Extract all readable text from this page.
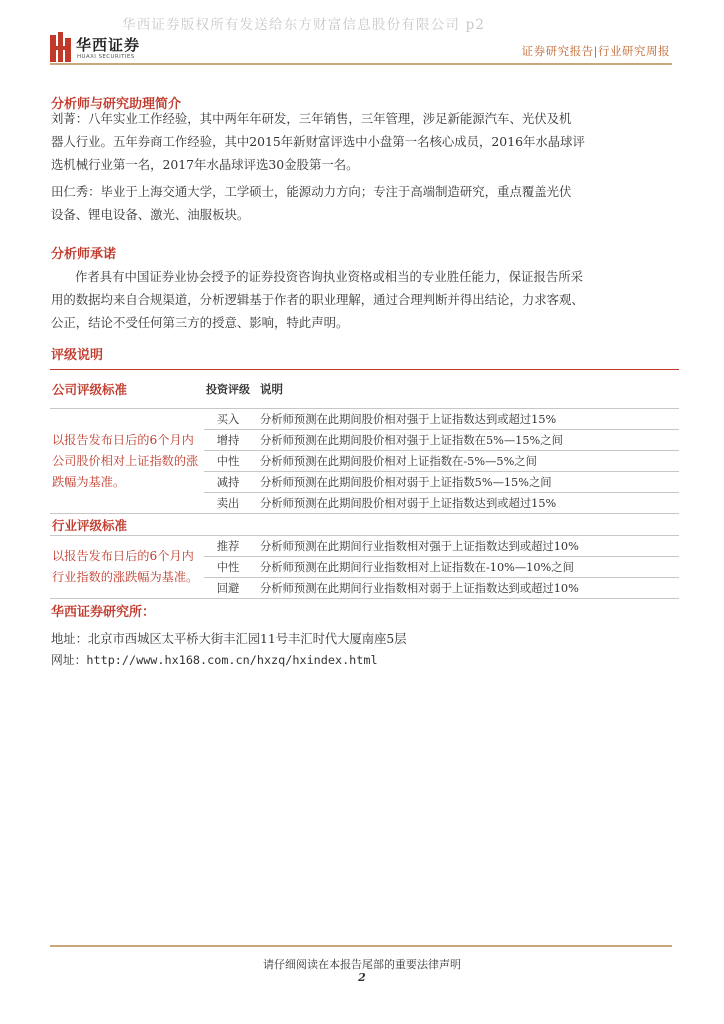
华西证券版权所有发送给东方财富信息股份有限公司 p2
华西证券
HUAXI SECURITIES	证券研究报告|行业研究周报
分析师与研究助理简介
刘菁：八年实业工作经验，其中两年年研发，三年销售，三年管理，涉足新能源汽车、光伏及机
器人行业。五年券商工作经验，其中2015年新财富评选中小盘第一名核心成员，2016年水晶球评
选机械行业第一名，2017年水晶球评选30金股第一名。
田仁秀：毕业于上海交通大学，工学硕士，能源动力方向；专注于高端制造研究，重点覆盖光伏
设备、锂电设备、激光、油服板块。
分析师承诺
作者具有中国证券业协会授予的证券投资咨询执业资格或相当的专业胜任能力，保证报告所采
用的数据均来自合规渠道，分析逻辑基于作者的职业理解，通过合理判断并得出结论，力求客观、
公正，结论不受任何第三方的授意、影响，特此声明。
评级说明
公司评级标准	投资评级	说明
以报告发布日后的6个月内公司股价相对上证指数的涨跌幅为基准。	买入	分析师预测在此期间股价相对强于上证指数达到或超过15%
	增持	分析师预测在此期间股价相对强于上证指数在5%—15%之间
	中性	分析师预测在此期间股价相对上证指数在-5%—5%之间
	减持	分析师预测在此期间股价相对弱于上证指数5%—15%之间
	卖出	分析师预测在此期间股价相对弱于上证指数达到或超过15%
行业评级标准		
以报告发布日后的6个月内行业指数的涨跌幅为基准。	推荐	分析师预测在此期间行业指数相对强于上证指数达到或超过10%
	中性	分析师预测在此期间行业指数相对上证指数在-10%—10%之间
	回避	分析师预测在此期间行业指数相对弱于上证指数达到或超过10%
华西证券研究所：
地址：北京市西城区太平桥大街丰汇园11号丰汇时代大厦南座5层
网址：http://www.hx168.com.cn/hxzq/hxindex.html
请仔细阅读在本报告尾部的重要法律声明
2
